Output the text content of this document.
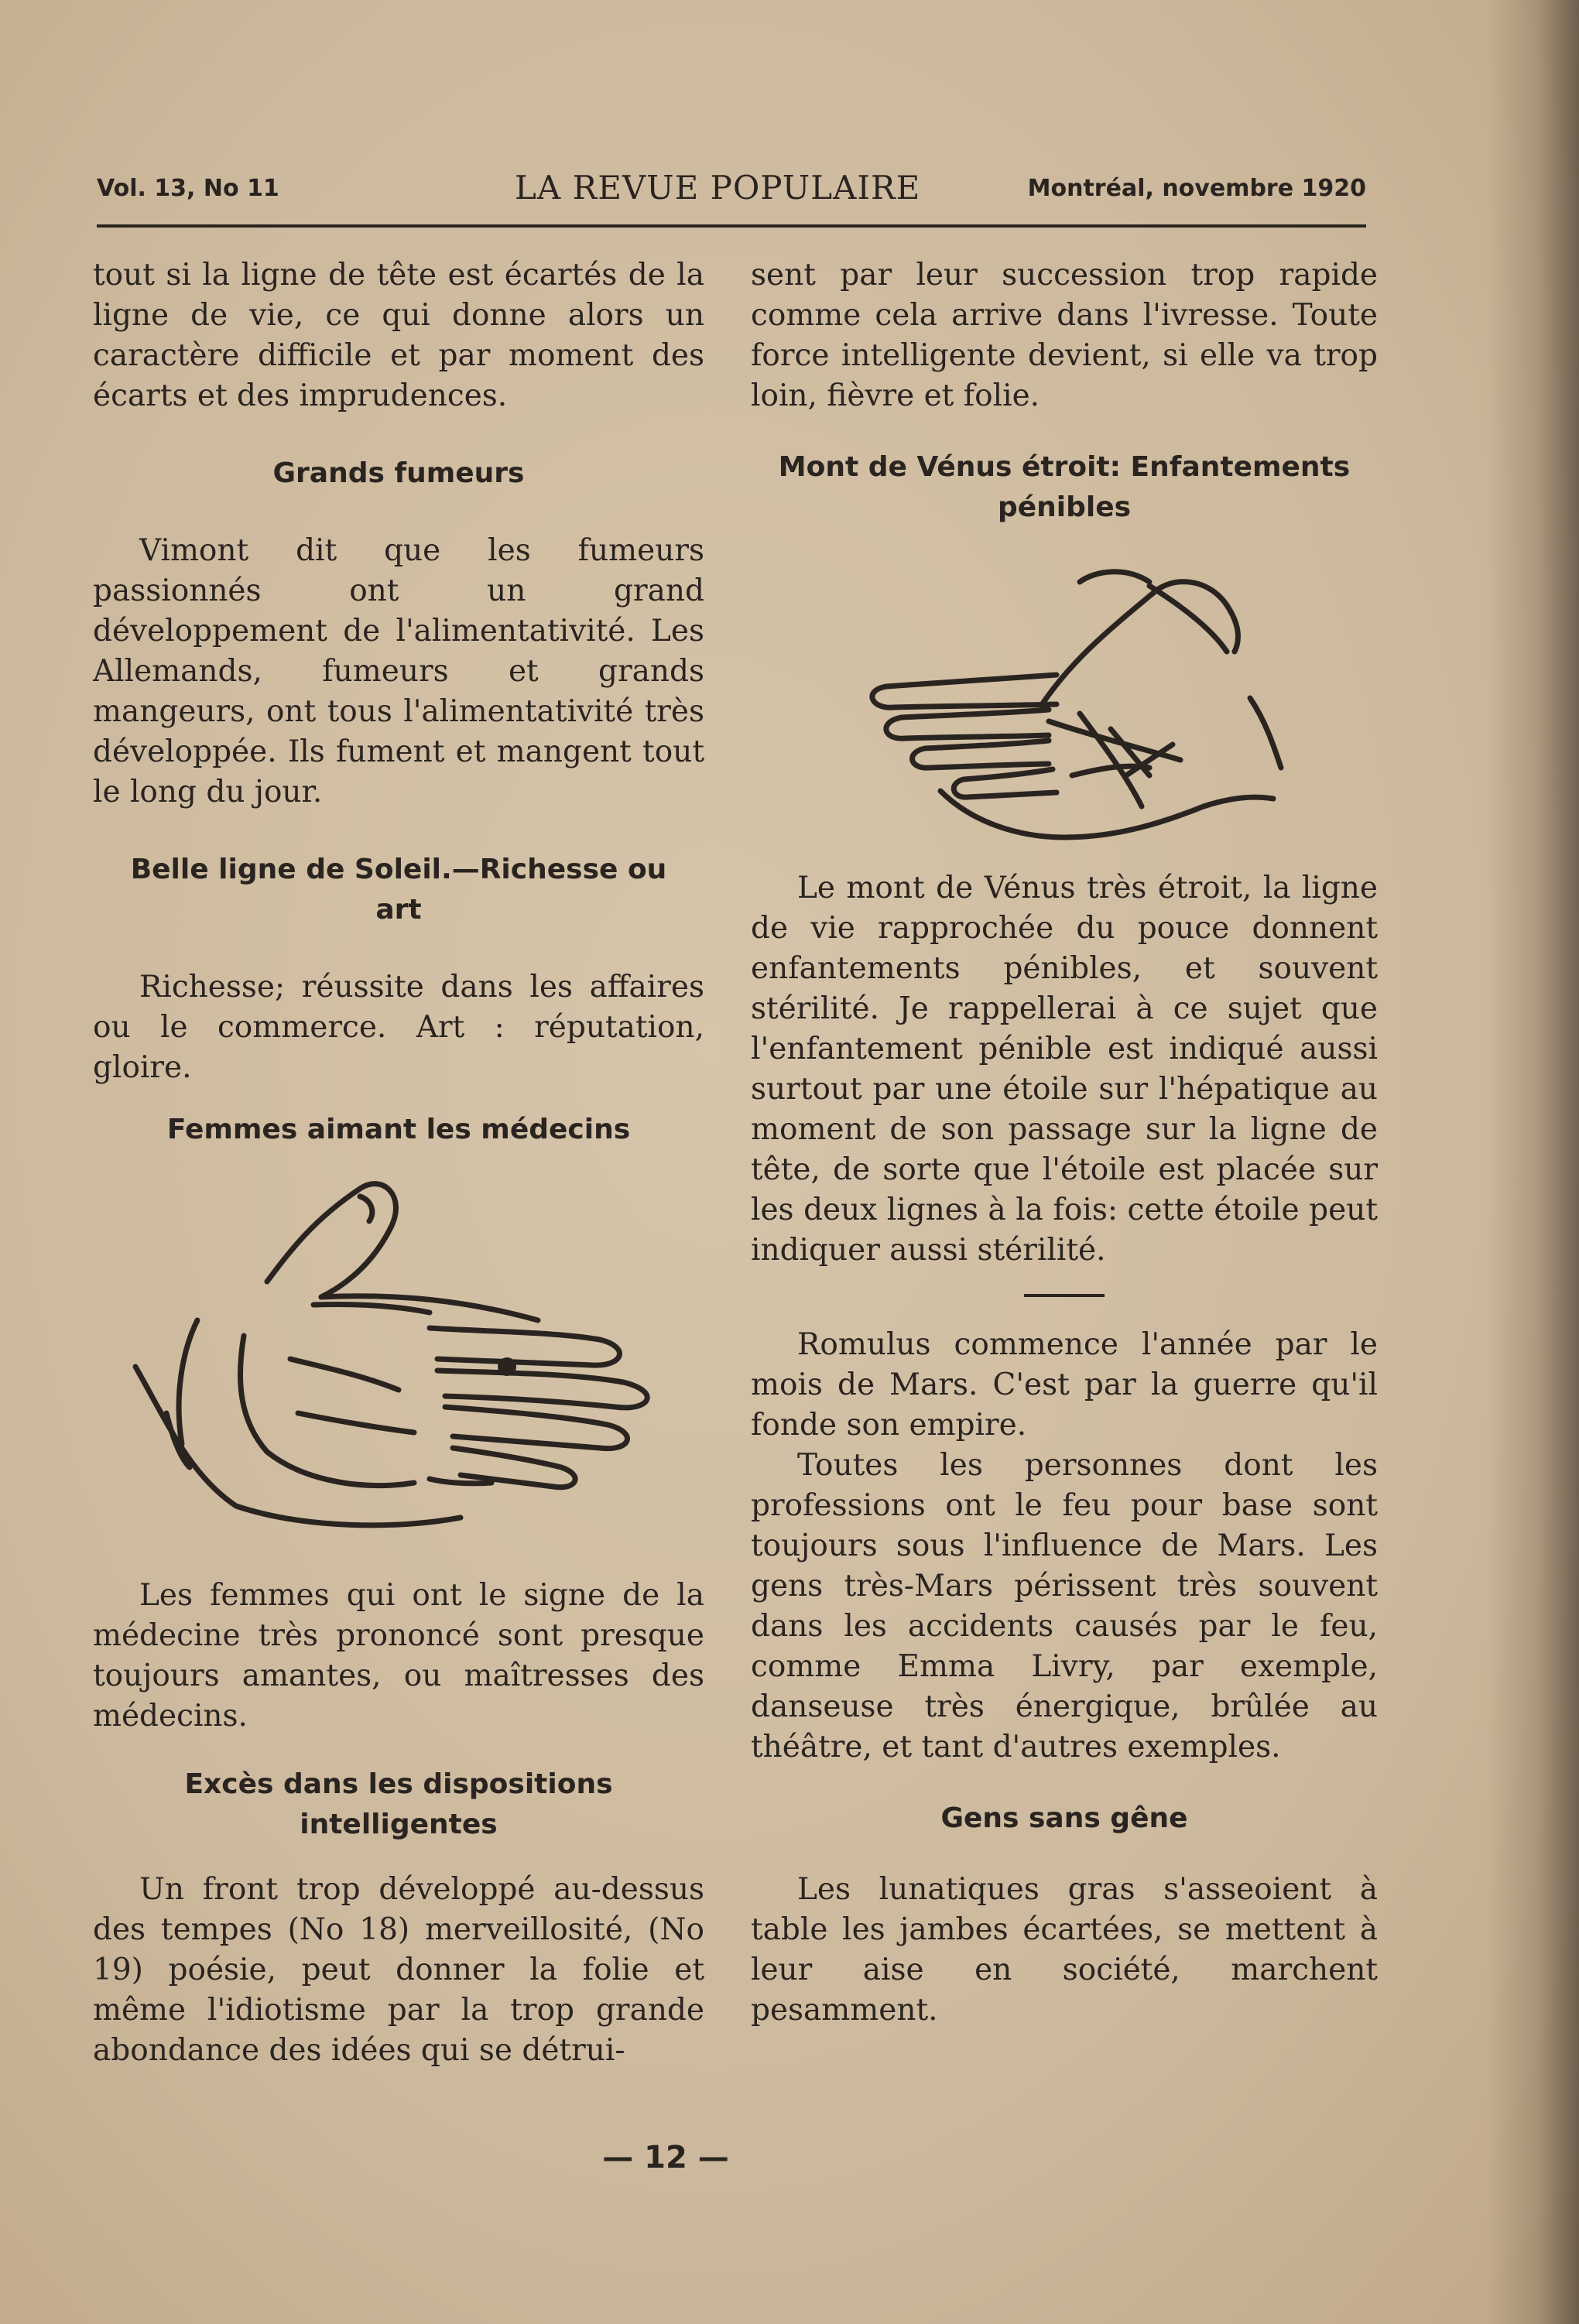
Vol. 13, No 11	LA REVUE POPULAIRE	Montréal, novembre 1920

tout si la ligne de tête est écartés de la ligne de vie, ce qui donne alors un caractère difficile et par moment des écarts et des imprudences.

Grands fumeurs

Vimont dit que les fumeurs passionnés ont un grand développement de l'alimentativité. Les Allemands, fumeurs et grands mangeurs, ont tous l'alimentativité très développée. Ils fument et mangent tout le long du jour.

Belle ligne de Soleil.—Richesse ou art

Richesse; réussite dans les affaires ou le commerce. Art : réputation, gloire.

Femmes aimant les médecins

Les femmes qui ont le signe de la médecine très prononcé sont presque toujours amantes, ou maîtresses des médecins.

Excès dans les dispositions intelligentes

Un front trop développé au-dessus des tempes (No 18) merveillosité, (No 19) poésie, peut donner la folie et même l'idiotisme par la trop grande abondance des idées qui se détrui-

sent par leur succession trop rapide comme cela arrive dans l'ivresse. Toute force intelligente devient, si elle va trop loin, fièvre et folie.

Mont de Vénus étroit: Enfantements pénibles

Le mont de Vénus très étroit, la ligne de vie rapprochée du pouce donnent enfantements pénibles, et souvent stérilité. Je rappellerai à ce sujet que l'enfantement pénible est indiqué aussi surtout par une étoile sur l'hépatique au moment de son passage sur la ligne de tête, de sorte que l'étoile est placée sur les deux lignes à la fois: cette étoile peut indiquer aussi stérilité.

Romulus commence l'année par le mois de Mars. C'est par la guerre qu'il fonde son empire.

Toutes les personnes dont les professions ont le feu pour base sont toujours sous l'influence de Mars. Les gens très-Mars périssent très souvent dans les accidents causés par le feu, comme Emma Livry, par exemple, danseuse très énergique, brûlée au théâtre, et tant d'autres exemples.

Gens sans gêne

Les lunatiques gras s'asseoient à table les jambes écartées, se mettent à leur aise en société, marchent pesamment.

— 12 —
